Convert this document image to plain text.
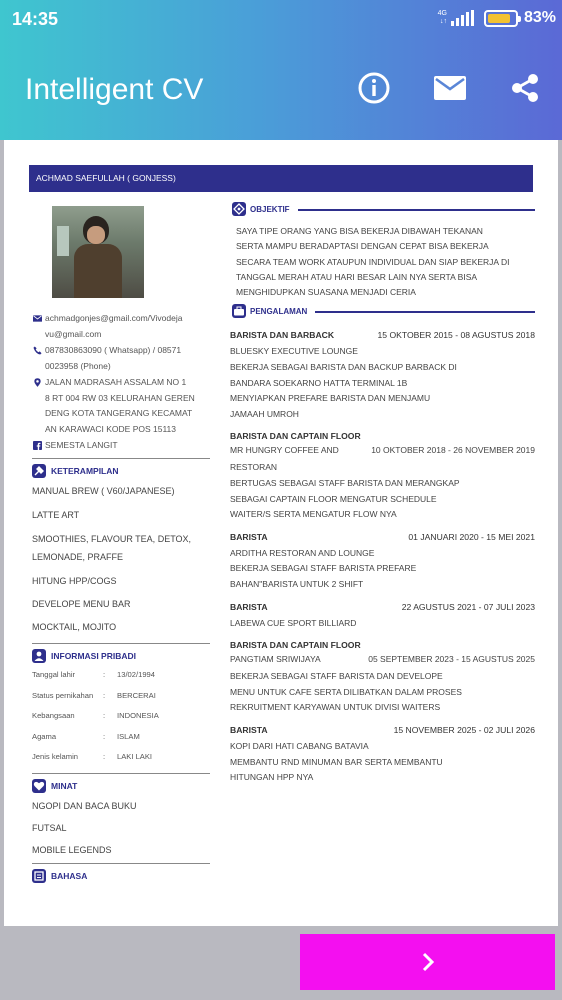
14:35	4G
↓↑	83%
Intelligent CV
ACHMAD SAEFULLAH ( GONJESS)
achmadgonjes@gmail.com/Vivodeja
vu@gmail.com
087830863090 ( Whatsapp) / 08571
0023958 (Phone)
JALAN MADRASAH ASSALAM NO 1
8 RT 004 RW 03 KELURAHAN GEREN
DENG KOTA TANGERANG KECAMAT
AN KARAWACI KODE POS 15113
SEMESTA LANGIT
KETERAMPILAN
MANUAL BREW ( V60/JAPANESE)
LATTE ART
SMOOTHIES, FLAVOUR TEA, DETOX,
LEMONADE, PRAFFE
HITUNG HPP/COGS
DEVELOPE MENU BAR
MOCKTAIL, MOJITO
INFORMASI PRIBADI
Tanggal lahir	:	13/02/1994
Status pernikahan	:	BERCERAI
Kebangsaan	:	INDONESIA
Agama	:	ISLAM
Jenis kelamin	:	LAKI LAKI
MINAT
NGOPI DAN BACA BUKU
FUTSAL
MOBILE LEGENDS
BAHASA
OBJEKTIF
SAYA TIPE ORANG YANG BISA BEKERJA DIBAWAH TEKANAN
SERTA MAMPU BERADAPTASI DENGAN CEPAT BISA BEKERJA
SECARA TEAM WORK ATAUPUN INDIVIDUAL DAN SIAP BEKERJA DI
TANGGAL MERAH ATAU HARI BESAR LAIN NYA SERTA BISA
MENGHIDUPKAN SUASANA MENJADI CERIA
PENGALAMAN
BARISTA DAN BARBACK	15 OKTOBER 2015 - 08 AGUSTUS 2018
BLUESKY EXECUTIVE LOUNGE
BEKERJA SEBAGAI BARISTA DAN BACKUP BARBACK DI
BANDARA SOEKARNO HATTA TERMINAL 1B
MENYIAPKAN PREFARE BARISTA DAN MENJAMU
JAMAAH UMROH
BARISTA DAN CAPTAIN FLOOR
MR HUNGRY COFFEE AND	10 OKTOBER 2018 - 26 NOVEMBER 2019
RESTORAN
BERTUGAS SEBAGAI STAFF BARISTA DAN MERANGKAP
SEBAGAI CAPTAIN FLOOR MENGATUR SCHEDULE
WAITER/S SERTA MENGATUR FLOW NYA
BARISTA	01 JANUARI 2020 - 15 MEI 2021
ARDITHA RESTORAN AND LOUNGE
BEKERJA SEBAGAI STAFF BARISTA PREFARE
BAHAN"BARISTA UNTUK 2 SHIFT
BARISTA	22 AGUSTUS 2021 - 07 JULI 2023
LABEWA CUE SPORT BILLIARD
BARISTA DAN CAPTAIN FLOOR
PANGTIAM SRIWIJAYA	05 SEPTEMBER 2023 - 15 AGUSTUS 2025
BEKERJA SEBAGAI STAFF BARISTA DAN DEVELOPE
MENU UNTUK CAFE SERTA DILIBATKAN DALAM PROSES
REKRUITMENT KARYAWAN UNTUK DIVISI WAITERS
BARISTA	15 NOVEMBER 2025 - 02 JULI 2026
KOPI DARI HATI CABANG BATAVIA
MEMBANTU RND MINUMAN BAR SERTA MEMBANTU
HITUNGAN HPP NYA
